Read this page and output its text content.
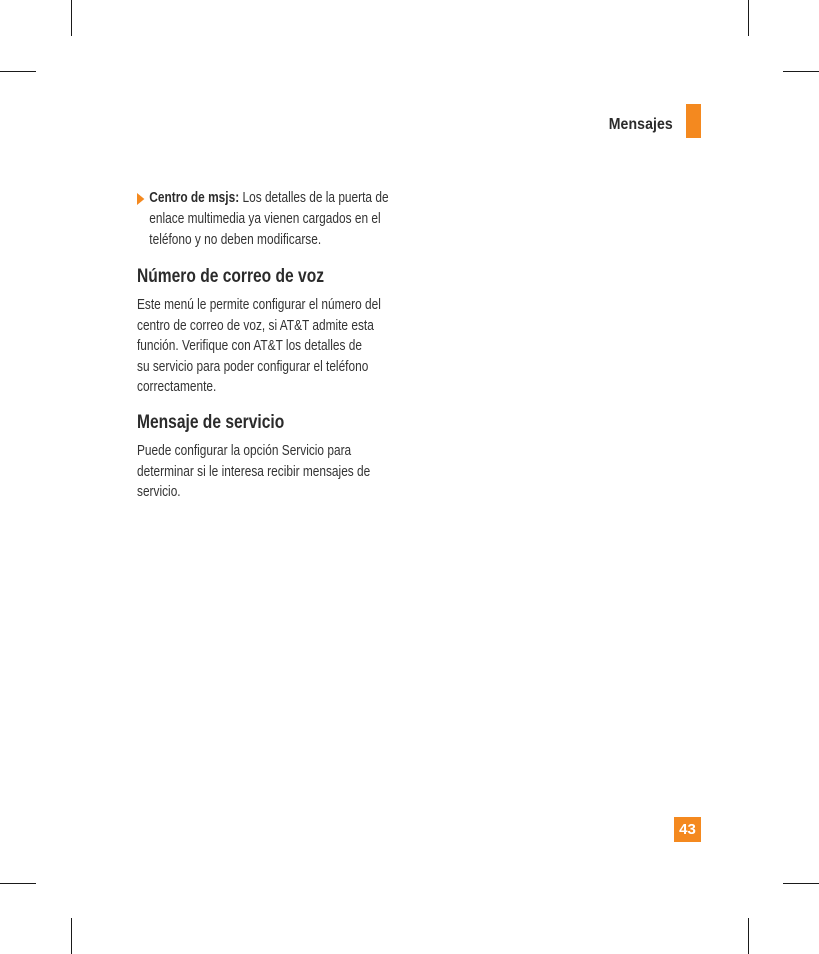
Mensajes
Centro de msjs: Los detalles de la puerta de
enlace multimedia ya vienen cargados en el
teléfono y no deben modificarse.
Número de correo de voz

Este menú le permite configurar el número del
centro de correo de voz, si AT&T admite esta
función. Verifique con AT&T los detalles de
su servicio para poder configurar el teléfono
correctamente.

Mensaje de servicio

Puede configurar la opción Servicio para
determinar si le interesa recibir mensajes de
servicio.

43
